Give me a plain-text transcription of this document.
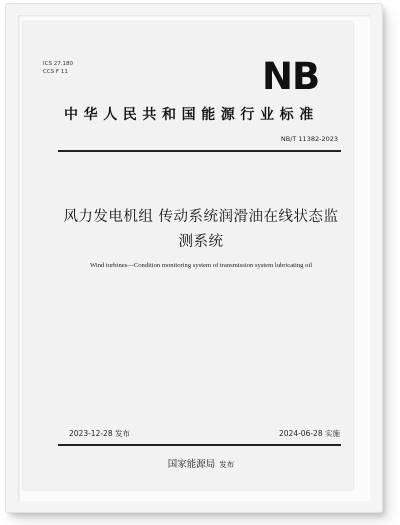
ICS 27.180
CCS F 11	NB
中华人民共和国能源行业标准
NB/T 11382-2023
风力发电机组 传动系统润滑油在线状态监
测系统
Wind turbines—Condition monitoring system of transmission system lubricating oil
2023-12-28 发布	2024-06-28 实施
国家能源局 发布
